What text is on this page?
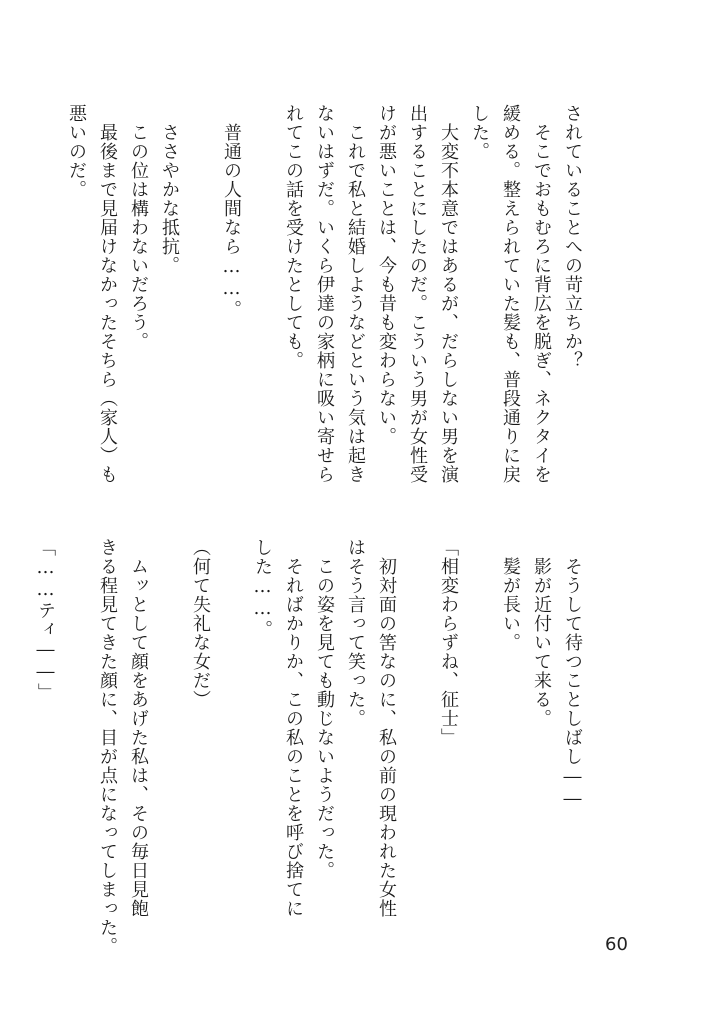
されていることへの苛立ちか？
　そこでおもむろに背広を脱ぎ、ネクタイを
緩める。整えられていた髪も、普段通りに戻
した。
　大変不本意ではあるが、だらしない男を演
出することにしたのだ。こういう男が女性受
けが悪いことは、今も昔も変わらない。
　これで私と結婚しようなどという気は起き
ないはずだ。いくら伊達の家柄に吸い寄せら
れてこの話を受けたとしても。

　普通の人間なら……。

　ささやかな抵抗。
　この位は構わないだろう。
　最後まで見届けなかったそちら（家人）も
悪いのだ。
　そうして待つことしばし――
　影が近付いて来る。
　髪が長い。

「相変わらずね、征士」

　初対面の筈なのに、私の前の現われた女性
はそう言って笑った。
　この姿を見ても動じないようだった。
　そればかりか、この私のことを呼び捨てに
した……。

（何て失礼な女だ）

　ムッとして顔をあげた私は、その毎日見飽
きる程見てきた顔に、目が点になってしまった。

「……ティ――」

60
